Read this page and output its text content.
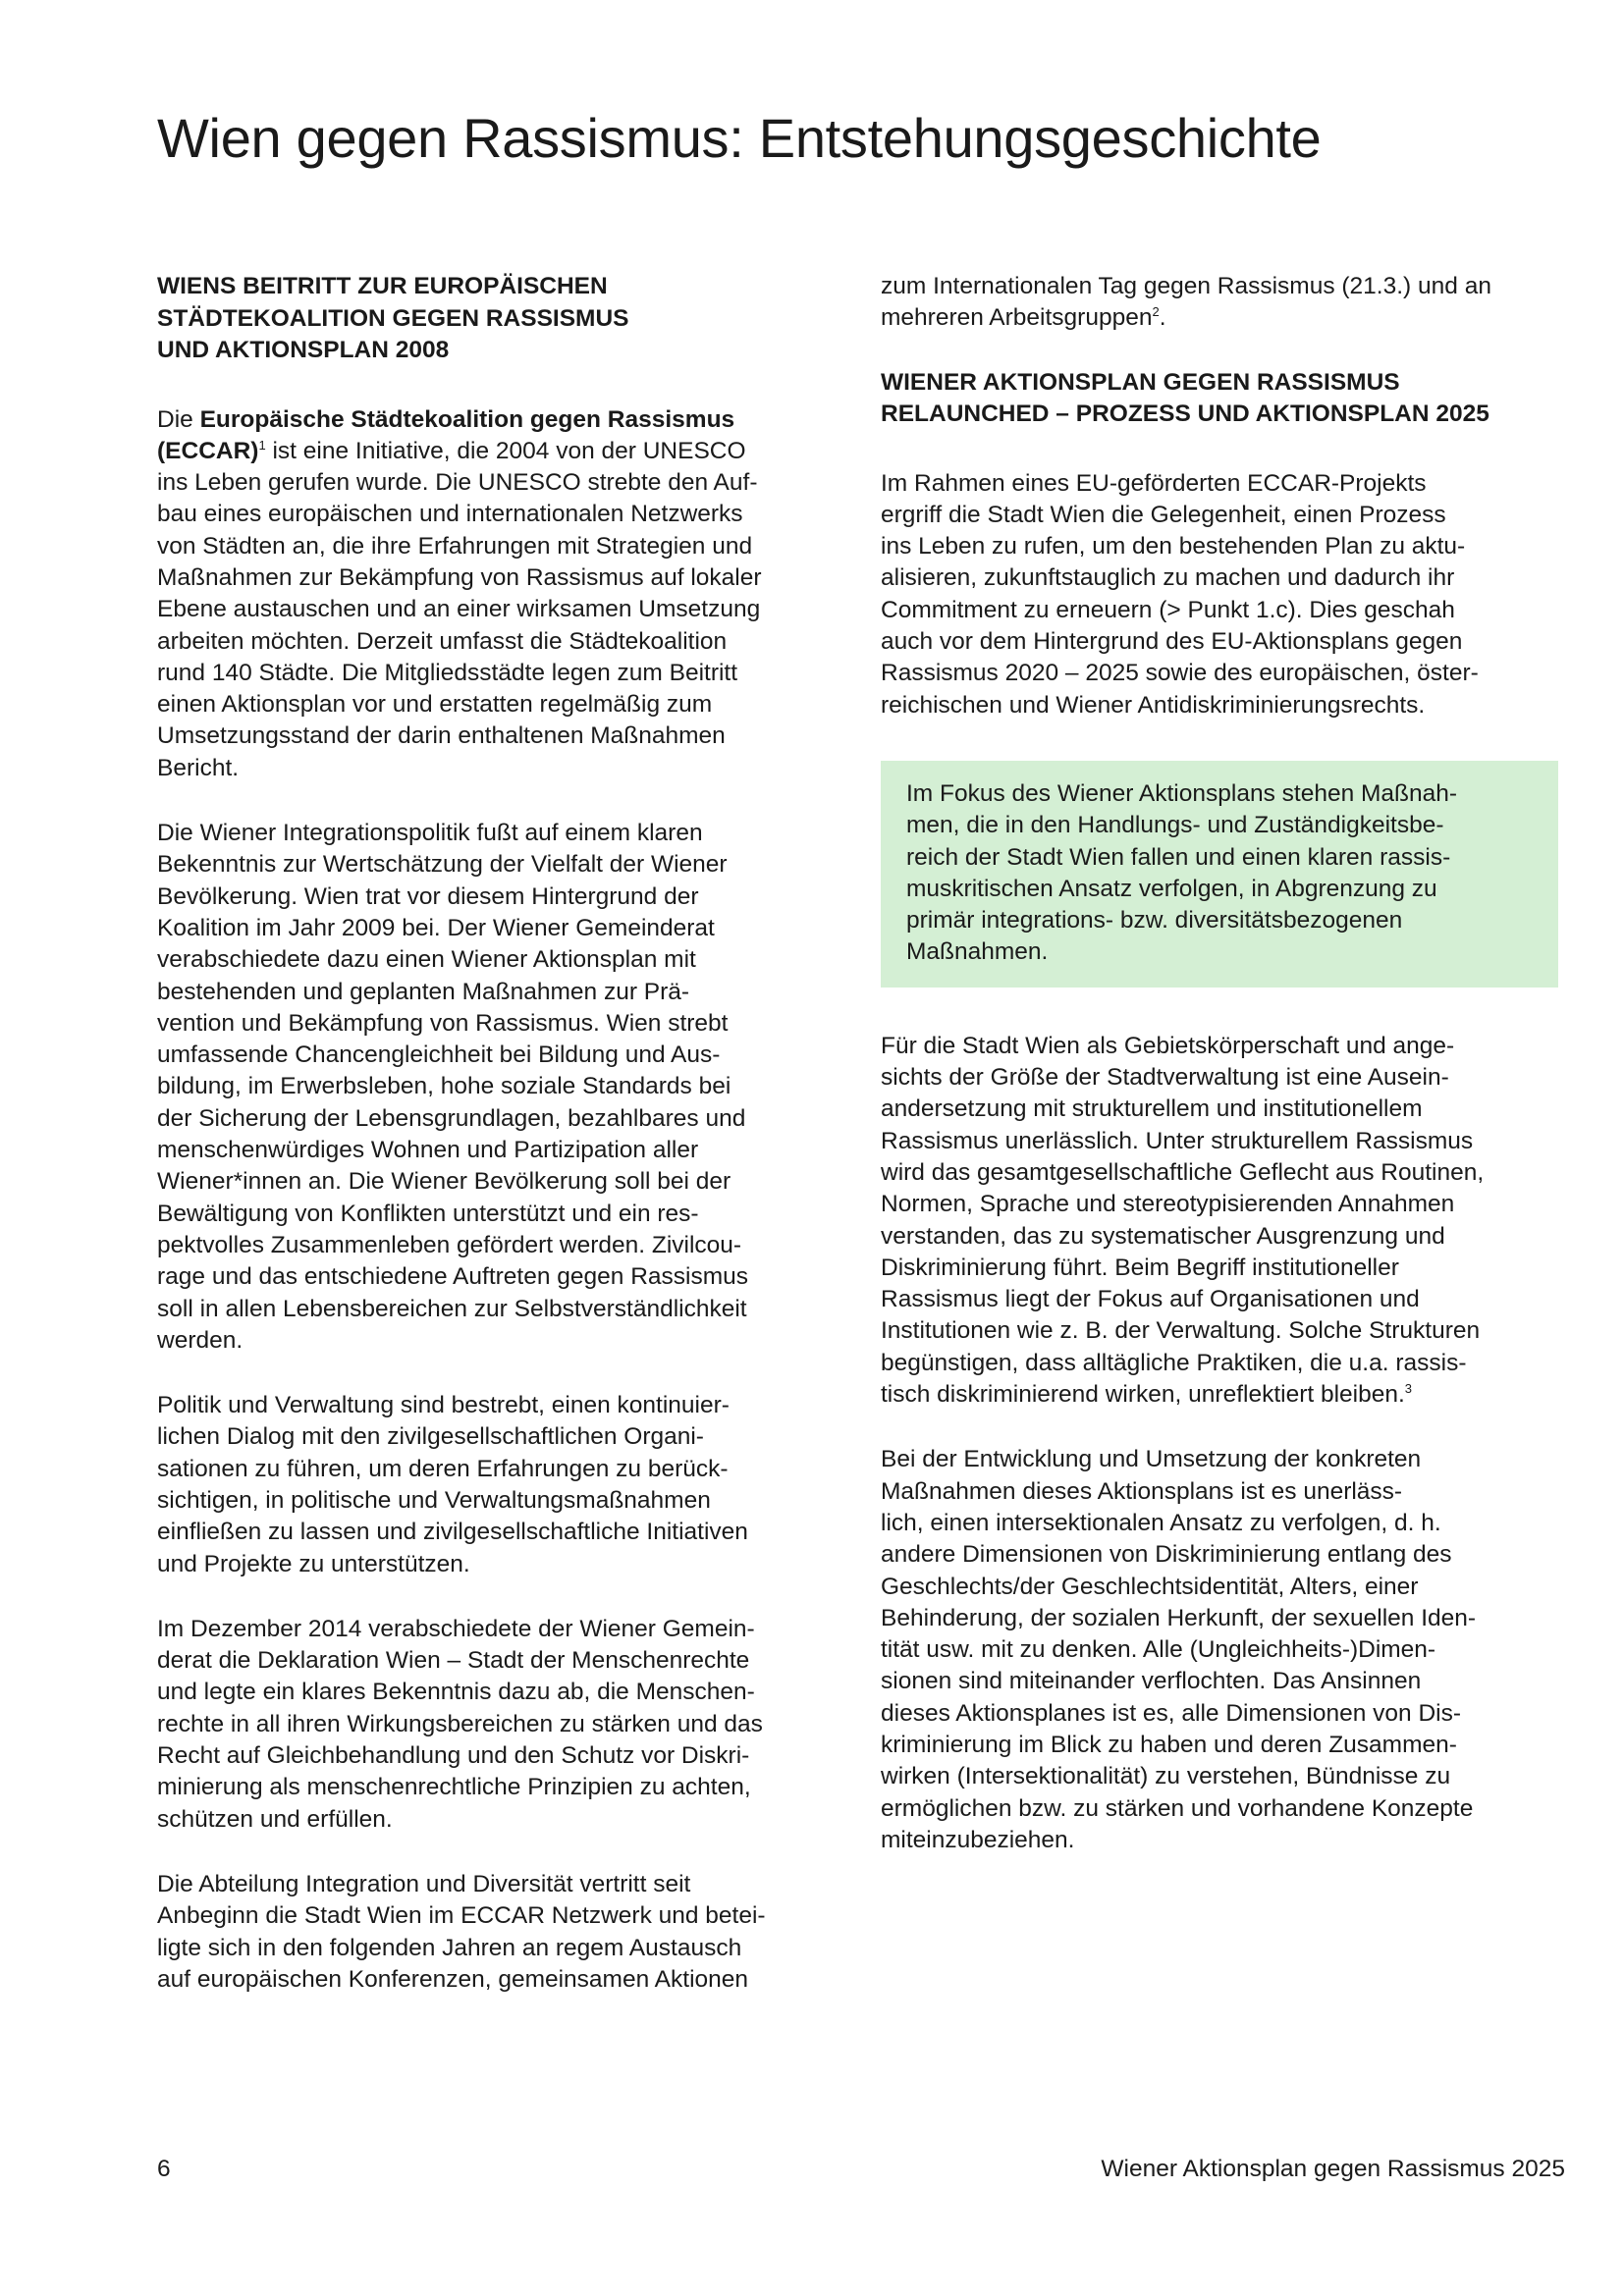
Wien gegen Rassismus: Entstehungsgeschichte
WIENS BEITRITT ZUR EUROPÄISCHEN
STÄDTEKOALITION GEGEN RASSISMUS
UND AKTIONSPLAN 2008

Die Europäische Städtekoalition gegen Rassismus
(ECCAR)$^1$ ist eine Initiative, die 2004 von der UNESCO
ins Leben gerufen wurde. Die UNESCO strebte den Auf-
bau eines europäischen und internationalen Netzwerks
von Städten an, die ihre Erfahrungen mit Strategien und
Maßnahmen zur Bekämpfung von Rassismus auf lokaler
Ebene austauschen und an einer wirksamen Umsetzung
arbeiten möchten. Derzeit umfasst die Städtekoalition
rund 140 Städte. Die Mitgliedsstädte legen zum Beitritt
einen Aktionsplan vor und erstatten regelmäßig zum
Umsetzungsstand der darin enthaltenen Maßnahmen
Bericht.

Die Wiener Integrationspolitik fußt auf einem klaren
Bekenntnis zur Wertschätzung der Vielfalt der Wiener
Bevölkerung. Wien trat vor diesem Hintergrund der
Koalition im Jahr 2009 bei. Der Wiener Gemeinderat
verabschiedete dazu einen Wiener Aktionsplan mit
bestehenden und geplanten Maßnahmen zur Prä-
vention und Bekämpfung von Rassismus. Wien strebt
umfassende Chancengleichheit bei Bildung und Aus-
bildung, im Erwerbsleben, hohe soziale Standards bei
der Sicherung der Lebensgrundlagen, bezahlbares und
menschenwürdiges Wohnen und Partizipation aller
Wiener*innen an. Die Wiener Bevölkerung soll bei der
Bewältigung von Konflikten unterstützt und ein res-
pektvolles Zusammenleben gefördert werden. Zivilcou-
rage und das entschiedene Auftreten gegen Rassismus
soll in allen Lebensbereichen zur Selbstverständlichkeit
werden.

Politik und Verwaltung sind bestrebt, einen kontinuier-
lichen Dialog mit den zivilgesellschaftlichen Organi-
sationen zu führen, um deren Erfahrungen zu berück-
sichtigen, in politische und Verwaltungsmaßnahmen
einfließen zu lassen und zivilgesellschaftliche Initiativen
und Projekte zu unterstützen.

Im Dezember 2014 verabschiedete der Wiener Gemein-
derat die Deklaration Wien – Stadt der Menschenrechte
und legte ein klares Bekenntnis dazu ab, die Menschen-
rechte in all ihren Wirkungsbereichen zu stärken und das
Recht auf Gleichbehandlung und den Schutz vor Diskri-
minierung als menschenrechtliche Prinzipien zu achten,
schützen und erfüllen.

Die Abteilung Integration und Diversität vertritt seit
Anbeginn die Stadt Wien im ECCAR Netzwerk und betei-
ligte sich in den folgenden Jahren an regem Austausch
auf europäischen Konferenzen, gemeinsamen Aktionen

zum Internationalen Tag gegen Rassismus (21.3.) und an
mehreren Arbeitsgruppen$^2$.

WIENER AKTIONSPLAN GEGEN RASSISMUS
RELAUNCHED – PROZESS UND AKTIONSPLAN 2025

Im Rahmen eines EU-geförderten ECCAR-Projekts
ergriff die Stadt Wien die Gelegenheit, einen Prozess
ins Leben zu rufen, um den bestehenden Plan zu aktu-
alisieren, zukunftstauglich zu machen und dadurch ihr
Commitment zu erneuern (> Punkt 1.c). Dies geschah
auch vor dem Hintergrund des EU-Aktionsplans gegen
Rassismus 2020 – 2025 sowie des europäischen, öster-
reichischen und Wiener Antidiskriminierungsrechts.

Im Fokus des Wiener Aktionsplans stehen Maßnah-
men, die in den Handlungs- und Zuständigkeitsbe-
reich der Stadt Wien fallen und einen klaren rassis-
muskritischen Ansatz verfolgen, in Abgrenzung zu
primär integrations- bzw. diversitätsbezogenen
Maßnahmen.

Für die Stadt Wien als Gebietskörperschaft und ange-
sichts der Größe der Stadtverwaltung ist eine Ausein-
andersetzung mit strukturellem und institutionellem
Rassismus unerlässlich. Unter strukturellem Rassismus
wird das gesamtgesellschaftliche Geflecht aus Routinen,
Normen, Sprache und stereotypisierenden Annahmen
verstanden, das zu systematischer Ausgrenzung und
Diskriminierung führt. Beim Begriff institutioneller
Rassismus liegt der Fokus auf Organisationen und
Institutionen wie z. B. der Verwaltung. Solche Strukturen
begünstigen, dass alltägliche Praktiken, die u.a. rassis-
tisch diskriminierend wirken, unreflektiert bleiben.$^3$

Bei der Entwicklung und Umsetzung der konkreten
Maßnahmen dieses Aktionsplans ist es unerläss-
lich, einen intersektionalen Ansatz zu verfolgen, d. h.
andere Dimensionen von Diskriminierung entlang des
Geschlechts/der Geschlechtsidentität, Alters, einer
Behinderung, der sozialen Herkunft, der sexuellen Iden-
tität usw. mit zu denken. Alle (Ungleichheits-)Dimen-
sionen sind miteinander verflochten. Das Ansinnen
dieses Aktionsplanes ist es, alle Dimensionen von Dis-
kriminierung im Blick zu haben und deren Zusammen-
wirken (Intersektionalität) zu verstehen, Bündnisse zu
ermöglichen bzw. zu stärken und vorhandene Konzepte
miteinzubeziehen.

6	Wiener Aktionsplan gegen Rassismus 2025
